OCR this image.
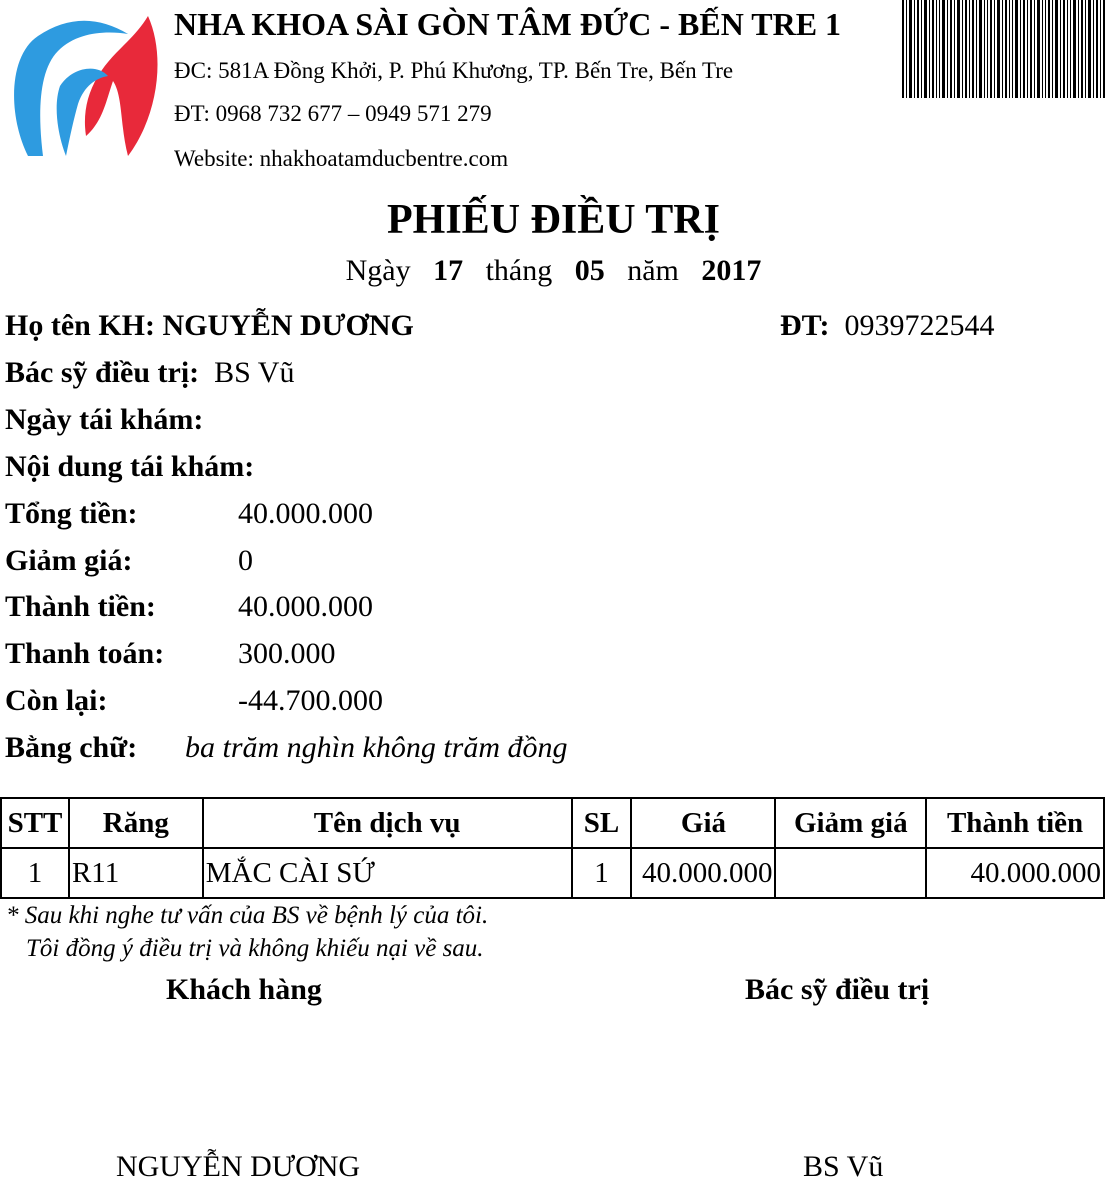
NHA KHOA SÀI GÒN TÂM ĐỨC - BẾN TRE 1
ĐC: 581A Đồng Khởi, P. Phú Khương, TP. Bến Tre, Bến Tre
ĐT: 0968 732 677 – 0949 571 279
Website: nhakhoatamducbentre.com
PHIẾU ĐIỀU TRỊ
Ngày 17 tháng 05 năm 2017
Họ tên KH: NGUYỄN DƯƠNG	ĐT: 0939722544
Bác sỹ điều trị: BS Vũ
Ngày tái khám:
Nội dung tái khám:
Tổng tiền:	40.000.000
Giảm giá:	0
Thành tiền:	40.000.000
Thanh toán: 300.000
Còn lại:	-44.700.000
Bằng chữ: ba trăm nghìn không trăm đồng
STT	Răng	Tên dịch vụ	SL	Giá	Giảm giá	Thành tiền
1	R11	MẮC CÀI SỨ	1	40.000.000		40.000.000
* Sau khi nghe tư vấn của BS về bệnh lý của tôi.
Tôi đồng ý điều trị và không khiếu nại về sau.
Khách hàng	Bác sỹ điều trị
NGUYỄN DƯƠNG	BS Vũ
